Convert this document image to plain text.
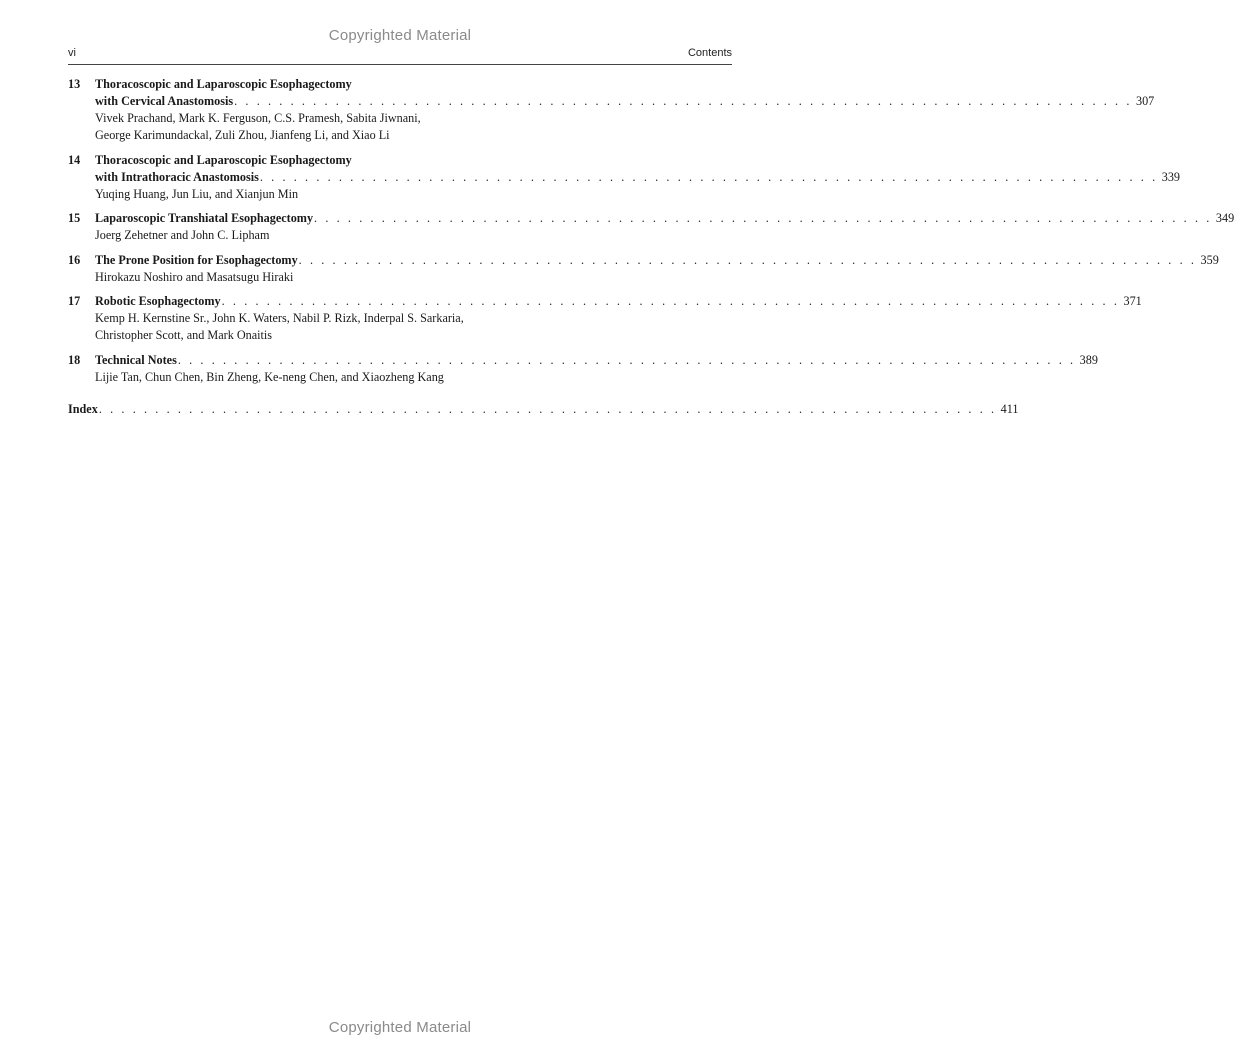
Copyrighted Material
vi	Contents
13 Thoracoscopic and Laparoscopic Esophagectomy
with Cervical Anastomosis . . . . . . . . . . . . . . . . . . . . . . . . . . . . . . . . . . . . . . . . . . . . . . . . . . . . . . . . . . . . . . . . . . . . . . . . . . . . . . . . 307
Vivek Prachand, Mark K. Ferguson, C.S. Pramesh, Sabita Jiwnani,
George Karimundackal, Zuli Zhou, Jianfeng Li, and Xiao Li
14 Thoracoscopic and Laparoscopic Esophagectomy
with Intrathoracic Anastomosis . . . . . . . . . . . . . . . . . . . . . . . . . . . . . . . . . . . . . . . . . . . . . . . . . . . . . . . . . . . . . . . . . . . . . . . . . . . . . . . . 339
Yuqing Huang, Jun Liu, and Xianjun Min
15 Laparoscopic Transhiatal Esophagectomy . . . . . . . . . . . . . . . . . . . . . . . . . . . . . . . . . . . . . . . . . . . . . . . . . . . . . . . . . . . . . . . . . . . . . . . . . . . . . . . . 349
Joerg Zehetner and John C. Lipham
16 The Prone Position for Esophagectomy . . . . . . . . . . . . . . . . . . . . . . . . . . . . . . . . . . . . . . . . . . . . . . . . . . . . . . . . . . . . . . . . . . . . . . . . . . . . . . . . 359
Hirokazu Noshiro and Masatsugu Hiraki
17 Robotic Esophagectomy . . . . . . . . . . . . . . . . . . . . . . . . . . . . . . . . . . . . . . . . . . . . . . . . . . . . . . . . . . . . . . . . . . . . . . . . . . . . . . . . 371
Kemp H. Kernstine Sr., John K. Waters, Nabil P. Rizk, Inderpal S. Sarkaria,
Christopher Scott, and Mark Onaitis
18 Technical Notes . . . . . . . . . . . . . . . . . . . . . . . . . . . . . . . . . . . . . . . . . . . . . . . . . . . . . . . . . . . . . . . . . . . . . . . . . . . . . . . . 389
Lijie Tan, Chun Chen, Bin Zheng, Ke-neng Chen, and Xiaozheng Kang
Index . . . . . . . . . . . . . . . . . . . . . . . . . . . . . . . . . . . . . . . . . . . . . . . . . . . . . . . . . . . . . . . . . . . . . . . . . . . . . . . . 411
Copyrighted Material
